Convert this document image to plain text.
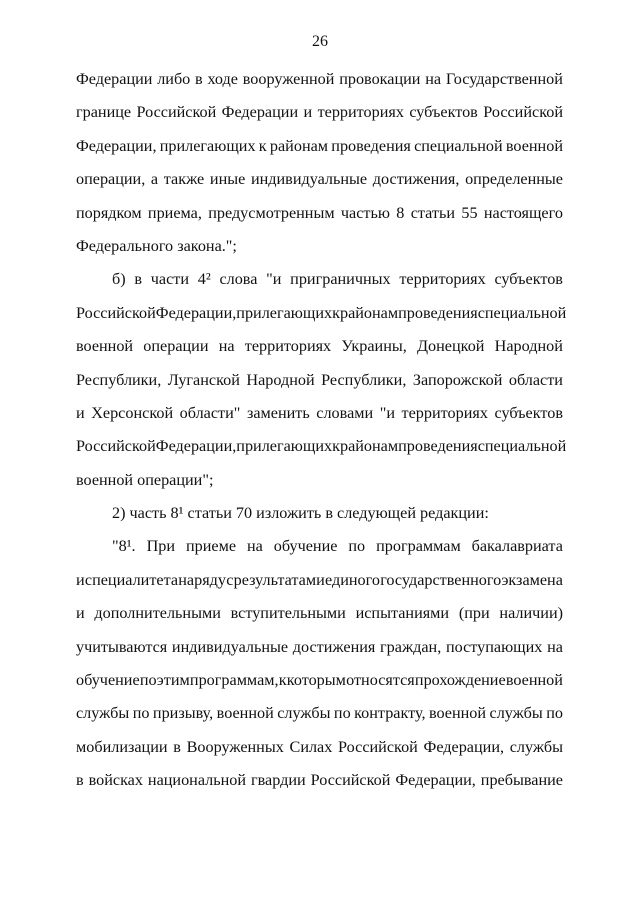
26
Федерации либо в ходе вооруженной провокации на Государственной
границе Российской Федерации и территориях субъектов Российской
Федерации, прилегающих к районам проведения специальной военной
операции, а также иные индивидуальные достижения, определенные
порядком приема, предусмотренным частью 8 статьи 55 настоящего
Федерального закона.";
б) в части 4² слова "и приграничных территориях субъектов
Российской Федерации, прилегающих к районам проведения специальной
военной операции на территориях Украины, Донецкой Народной
Республики, Луганской Народной Республики, Запорожской области
и Херсонской области" заменить словами "и территориях субъектов
Российской Федерации, прилегающих к районам проведения специальной
военной операции";
2) часть 8¹ статьи 70 изложить в следующей редакции:
"8¹. При приеме на обучение по программам бакалавриата
и специалитета наряду с результатами единого государственного экзамена
и дополнительными вступительными испытаниями (при наличии)
учитываются индивидуальные достижения граждан, поступающих на
обучение по этим программам, к которым относятся прохождение военной
службы по призыву, военной службы по контракту, военной службы по
мобилизации в Вооруженных Силах Российской Федерации, службы
в войсках национальной гвардии Российской Федерации, пребывание
